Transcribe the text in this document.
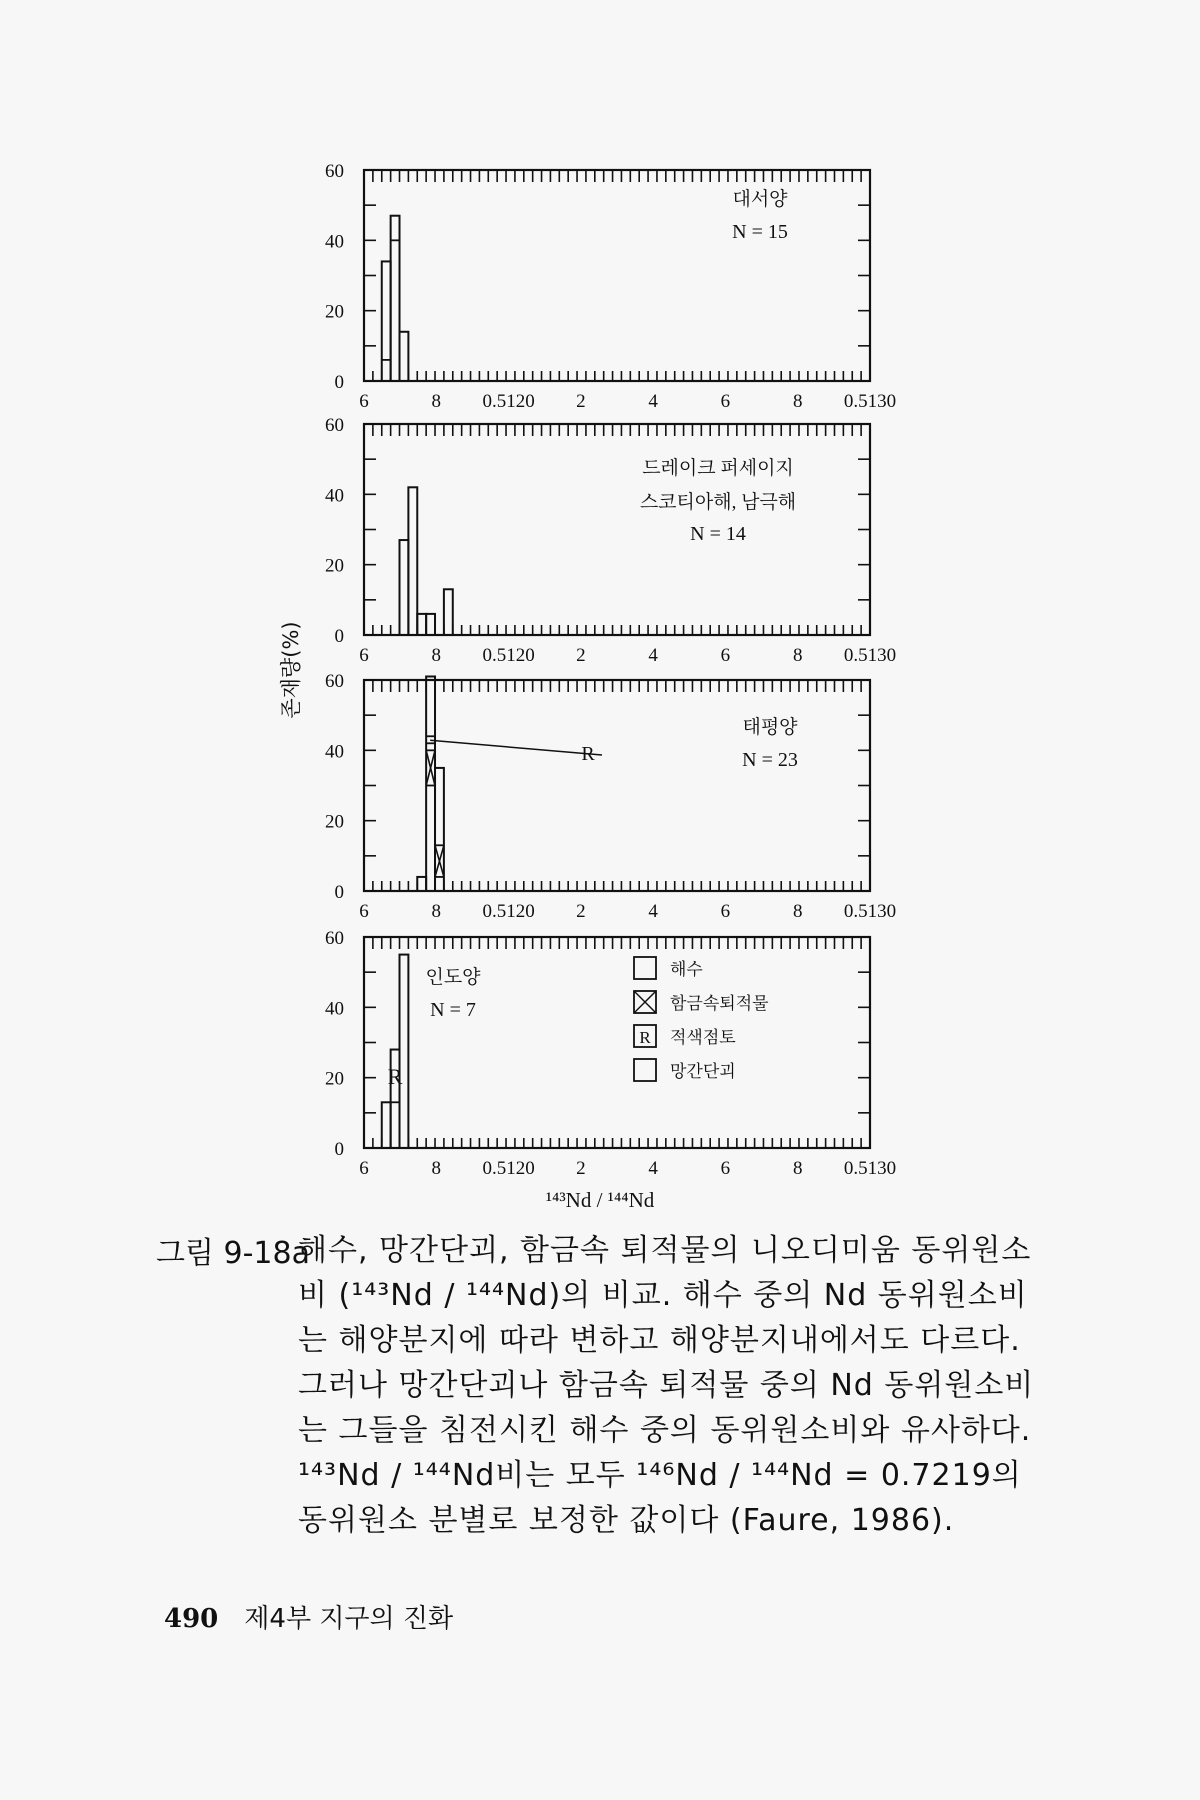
6	8 0.5120 2	4	6	8 0.5130
60
40
20
0
대서양
N = 15
6	8 0.5120 2	4	6	8 0.5130
60
40
20
0
드레이크 퍼세이지
스코티아해, 남극해
N = 14
6	8 0.5120 2	4	6	8 0.5130
60
40
20
0
태평양
N = 23
R
6	8 0.5120 2	4	6	8 0.5130
60
40
20
0
R
인도양
N = 7
해수
함금속퇴적물
R 적색점토
망간단괴
존재량(%)
¹⁴³Nd / ¹⁴⁴Nd
그림 9-18a
해수, 망간단괴, 함금속 퇴적물의 니오디미움 동위원소비 (¹⁴³Nd / ¹⁴⁴Nd)의 비교. 해수 중의 Nd 동위원소비는 해양분지에 따라 변하고 해양분지내에서도 다르다. 그러나 망간단괴나 함금속 퇴적물 중의 Nd 동위원소비는 그들을 침전시킨 해수 중의 동위원소비와 유사하다. ¹⁴³Nd / ¹⁴⁴Nd비는 모두 ¹⁴⁶Nd / ¹⁴⁴Nd = 0.7219의 동위원소 분별로 보정한 값이다 (Faure, 1986).
490 제4부 지구의 진화
